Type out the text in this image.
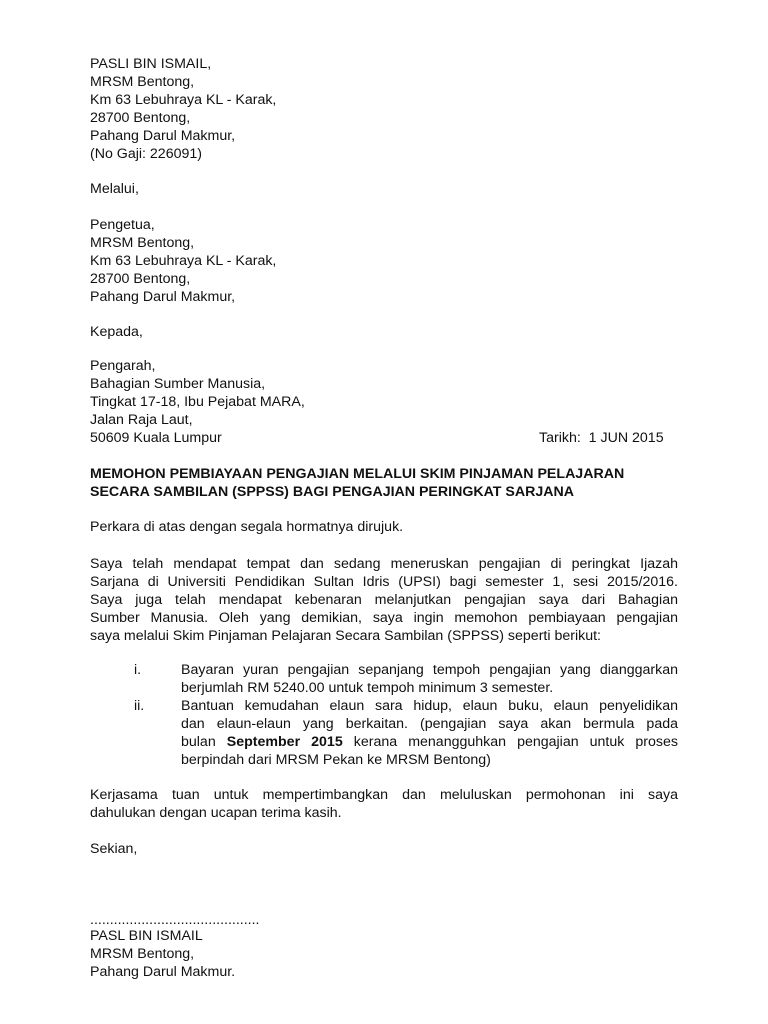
PASLI BIN ISMAIL,
MRSM Bentong,
Km 63 Lebuhraya KL - Karak,
28700 Bentong,
Pahang Darul Makmur,
(No Gaji: 226091)
Melalui,
Pengetua,
MRSM Bentong,
Km 63 Lebuhraya KL - Karak,
28700 Bentong,
Pahang Darul Makmur,
Kepada,
Pengarah,
Bahagian Sumber Manusia,
Tingkat 17-18, Ibu Pejabat MARA,
Jalan Raja Laut,
50609 Kuala Lumpur	Tarikh:  1 JUN 2015
MEMOHON PEMBIAYAAN PENGAJIAN MELALUI SKIM PINJAMAN PELAJARAN
SECARA SAMBILAN (SPPSS) BAGI PENGAJIAN PERINGKAT SARJANA
Perkara di atas dengan segala hormatnya dirujuk.
Saya telah mendapat tempat dan sedang meneruskan pengajian di peringkat Ijazah
Sarjana di Universiti Pendidikan Sultan Idris (UPSI) bagi semester 1, sesi 2015/2016.
Saya juga telah mendapat kebenaran melanjutkan pengajian saya dari Bahagian
Sumber Manusia. Oleh yang demikian, saya ingin memohon pembiayaan pengajian
saya melalui Skim Pinjaman Pelajaran Secara Sambilan (SPPSS) seperti berikut:
i.	Bayaran yuran pengajian sepanjang tempoh pengajian yang dianggarkan
berjumlah RM 5240.00 untuk tempoh minimum 3 semester.
ii.	Bantuan kemudahan elaun sara hidup, elaun buku, elaun penyelidikan
dan elaun-elaun yang berkaitan. (pengajian saya akan bermula pada
bulan September 2015 kerana menangguhkan pengajian untuk proses
berpindah dari MRSM Pekan ke MRSM Bentong)
Kerjasama tuan untuk mempertimbangkan dan meluluskan permohonan ini saya
dahulukan dengan ucapan terima kasih.
Sekian,
...........................................
PASL BIN ISMAIL
MRSM Bentong,
Pahang Darul Makmur.
